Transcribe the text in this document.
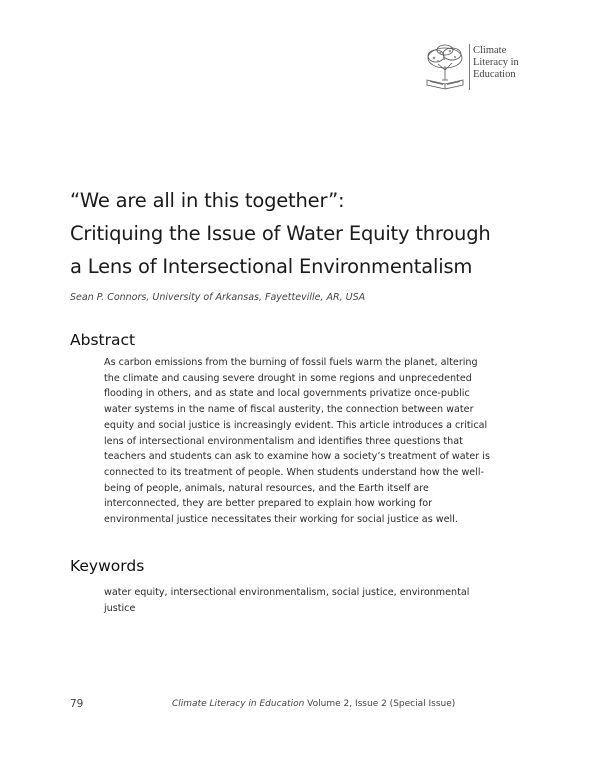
Climate
Literacy in
Education
“We are all in this together”:
Critiquing the Issue of Water Equity through
a Lens of Intersectional Environmentalism
Sean P. Connors, University of Arkansas, Fayetteville, AR, USA
Abstract
As carbon emissions from the burning of fossil fuels warm the planet, altering
the climate and causing severe drought in some regions and unprecedented
flooding in others, and as state and local governments privatize once-public
water systems in the name of fiscal austerity, the connection between water
equity and social justice is increasingly evident. This article introduces a critical
lens of intersectional environmentalism and identifies three questions that
teachers and students can ask to examine how a society’s treatment of water is
connected to its treatment of people. When students understand how the well-
being of people, animals, natural resources, and the Earth itself are
interconnected, they are better prepared to explain how working for
environmental justice necessitates their working for social justice as well.
Keywords
water equity, intersectional environmentalism, social justice, environmental
justice
79	Climate Literacy in Education Volume 2, Issue 2 (Special Issue)
